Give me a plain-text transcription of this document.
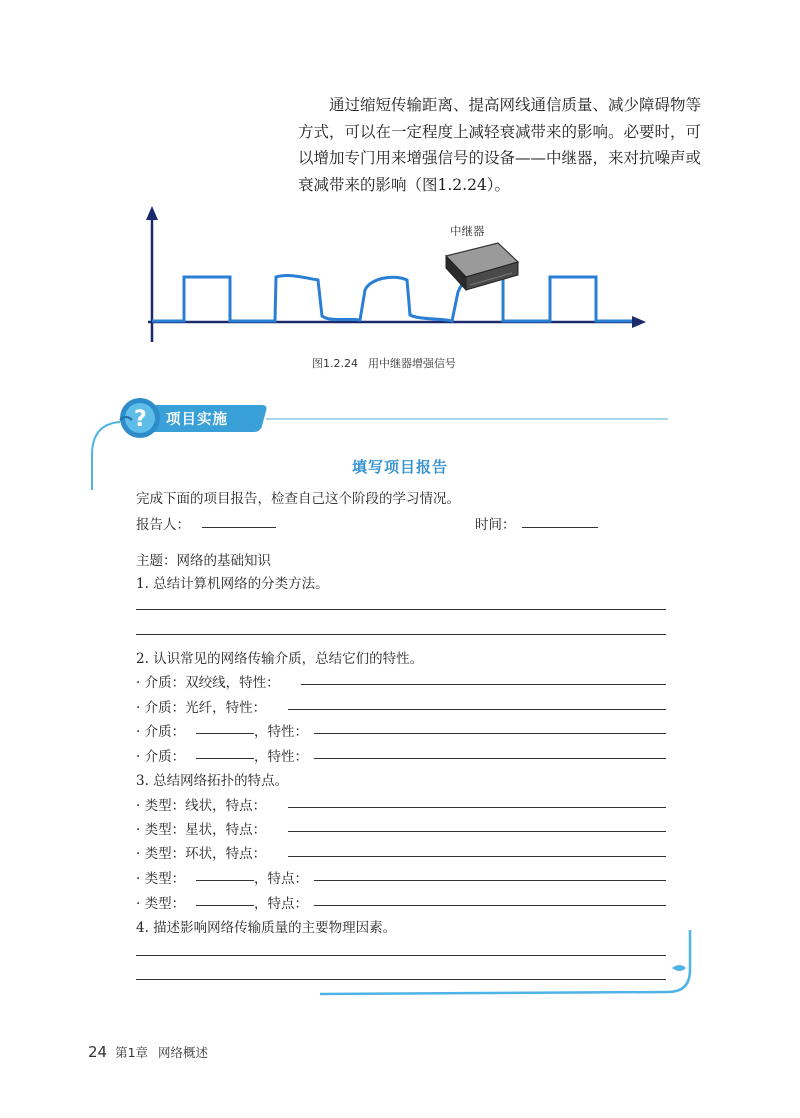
通过缩短传输距离、提高网线通信质量、减少障碍物等方式，可以在一定程度上减轻衰减带来的影响。必要时，可以增加专门用来增强信号的设备——中继器，来对抗噪声或衰减带来的影响（图1.2.24）。

?
中继器
图1.2.24 用中继器增强信号
项目实施
填写项目报告
完成下面的项目报告，检查自己这个阶段的学习情况。
报告人：	时间：
主题：网络的基础知识
1. 总结计算机网络的分类方法。
2. 认识常见的网络传输介质，总结它们的特性。
· 介质：双绞线，特性：
· 介质：光纤，特性：
· 介质：	，特性：
· 介质：	，特性：
3. 总结网络拓扑的特点。
· 类型：线状，特点：
· 类型：星状，特点：
· 类型：环状，特点：
· 类型：	，特点：
· 类型：	，特点：
4. 描述影响网络传输质量的主要物理因素。
24 第1章 网络概述
